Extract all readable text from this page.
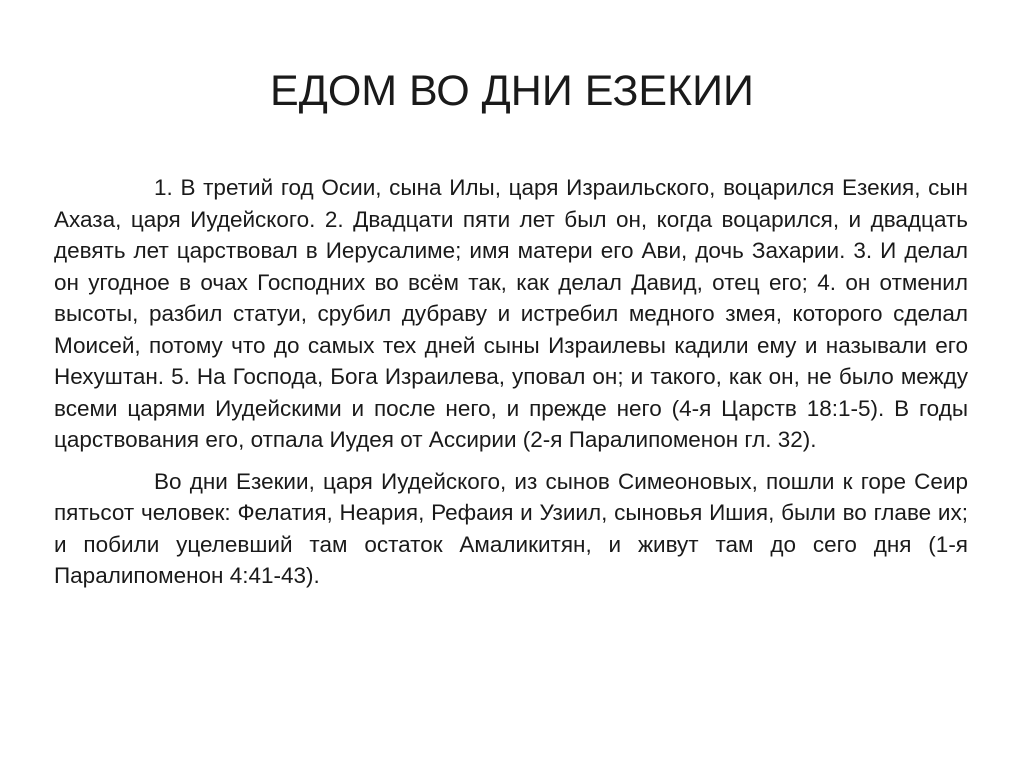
ЕДОМ ВО ДНИ ЕЗЕКИИ

1. В третий год Осии, сына Илы, царя Израильского, воцарился Езекия, сын Ахаза, царя Иудейского. 2. Двадцати пяти лет был он, когда воцарился, и двадцать девять лет царствовал в Иерусалиме; имя матери его Ави, дочь Захарии. 3. И делал он угодное в очах Господних во всём так, как делал Давид, отец его; 4. он отменил высоты, разбил статуи, срубил дубраву и истребил медного змея, которого сделал Моисей, потому что до самых тех дней сыны Израилевы кадили ему и называли его Нехуштан. 5. На Господа, Бога Израилева, уповал он; и такого, как он, не было между всеми царями Иудейскими и после него, и прежде него (4-я Царств 18:1-5). В годы царствования его, отпала Иудея от Ассирии (2-я Паралипоменон гл. 32).

Во дни Езекии, царя Иудейского, из сынов Симеоновых, пошли к горе Сеир пятьсот человек: Фелатия, Неария, Рефаия и Узиил, сыновья Ишия, были во главе их; и побили уцелевший там остаток Амаликитян, и живут там до сего дня (1-я Паралипоменон 4:41-43).
